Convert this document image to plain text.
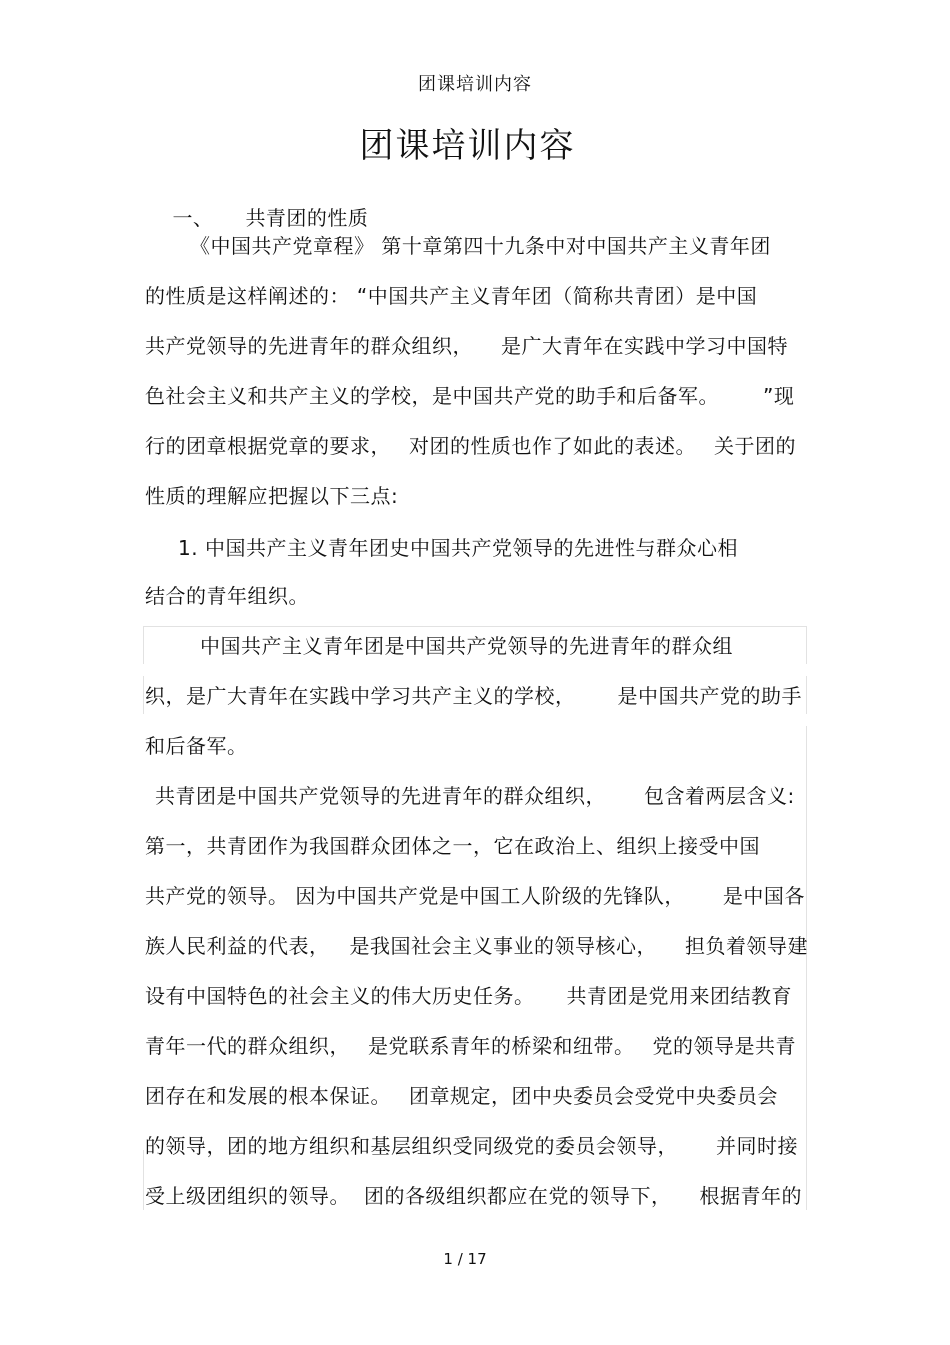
团课培训内容
团课培训内容

一、 共青团的性质

《中国共产党章程》 第十章第四十九条中对中国共产主义青年团
的性质是这样阐述的： “中国共产主义青年团（简称共青团）是中国
共产党领导的先进青年的群众组织， 是广大青年在实践中学习中国特
色社会主义和共产主义的学校，是中国共产党的助手和后备军。 ”现
行的团章根据党章的要求， 对团的性质也作了如此的表述。 关于团的
性质的理解应把握以下三点:
1. 中国共产主义青年团史中国共产党领导的先进性与群众心相
结合的青年组织。
中国共产主义青年团是中国共产党领导的先进青年的群众组
织，是广大青年在实践中学习共产主义的学校， 是中国共产党的助手
和后备军。
共青团是中国共产党领导的先进青年的群众组织， 包含着两层含义:
第一，共青团作为我国群众团体之一，它在政治上、组织上接受中国
共产党的领导。 因为中国共产党是中国工人阶级的先锋队， 是中国各
族人民利益的代表， 是我国社会主义事业的领导核心， 担负着领导建
设有中国特色的社会主义的伟大历史任务。 共青团是党用来团结教育
青年一代的群众组织， 是党联系青年的桥梁和纽带。 党的领导是共青
团存在和发展的根本保证。 团章规定，团中央委员会受党中央委员会
的领导，团的地方组织和基层组织受同级党的委员会领导， 并同时接
受上级团组织的领导。 团的各级组织都应在党的领导下， 根据青年的
1 / 17
